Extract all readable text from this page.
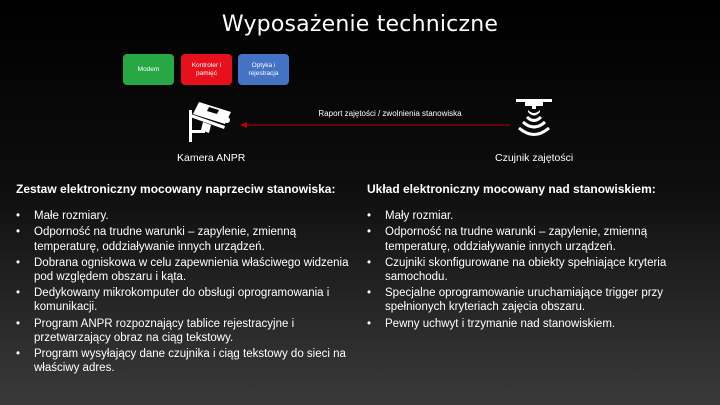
Wyposażenie techniczne
Modem
Kontroler i pamięć
Optyka i rejestracja
Raport zajętości / zwolnienia stanowiska
Kamera ANPR	Czujnik zajętości
Zestaw elektroniczny mocowany naprzeciw stanowiska:
• Małe rozmiary.
• Odporność na trudne warunki – zapylenie, zmienną temperaturę, oddziaływanie innych urządzeń.
• Dobrana ogniskowa w celu zapewnienia właściwego widzenia pod względem obszaru i kąta.
• Dedykowany mikrokomputer do obsługi oprogramowania i komunikacji.
• Program ANPR rozpoznający tablice rejestracyjne i przetwarzający obraz na ciąg tekstowy.
• Program wysyłający dane czujnika i ciąg tekstowy do sieci na właściwy adres.
Układ elektroniczny mocowany nad stanowiskiem:
• Mały rozmiar.
• Odporność na trudne warunki – zapylenie, zmienną temperaturę, oddziaływanie innych urządzeń.
• Czujniki skonfigurowane na obiekty spełniające kryteria samochodu.
• Specjalne oprogramowanie uruchamiające trigger przy spełnionych kryteriach zajęcia obszaru.
• Pewny uchwyt i trzymanie nad stanowiskiem.
